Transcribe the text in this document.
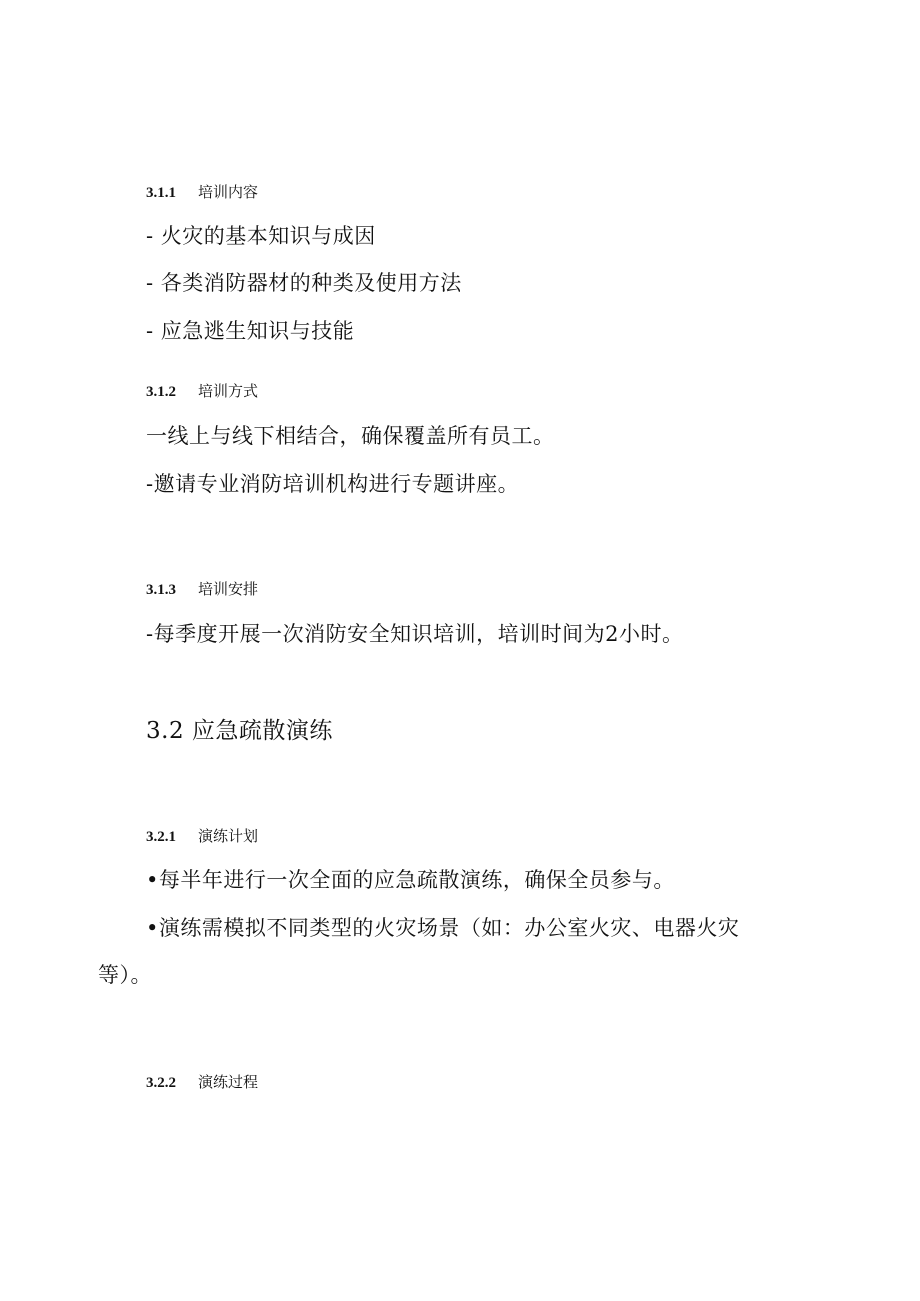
3.1.1 培训内容
- 火灾的基本知识与成因
- 各类消防器材的种类及使用方法
- 应急逃生知识与技能
3.1.2 培训方式
一线上与线下相结合，确保覆盖所有员工。
-邀请专业消防培训机构进行专题讲座。
3.1.3 培训安排
-每季度开展一次消防安全知识培训，培训时间为2小时。
3.2 应急疏散演练
3.2.1 演练计划
•每半年进行一次全面的应急疏散演练，确保全员参与。
•演练需模拟不同类型的火灾场景（如：办公室火灾、电器火灾
等）。
3.2.2 演练过程
